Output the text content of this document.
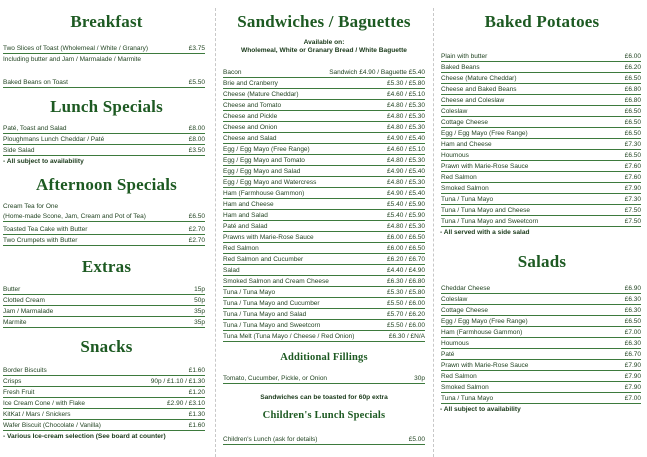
Breakfast
Two Slices of Toast (Wholemeal / White / Granary)	£3.75
Including butter and Jam / Marmalade / Marmite
Baked Beans on Toast	£5.50
Lunch Specials
Paté, Toast and Salad	£8.00
Ploughmans Lunch Cheddar / Paté	£8.00
Side Salad	£3.50
- All subject to availability
Afternoon Specials
Cream Tea for One
(Home-made Scone, Jam, Cream and Pot of Tea)	£6.50
Toasted Tea Cake with Butter	£2.70
Two Crumpets with Butter	£2.70
Extras
Butter	15p
Clotted Cream	50p
Jam / Marmalade	35p
Marmite	35p
Snacks
Border Biscuits	£1.60
Crisps	90p / £1.10 / £1.30
Fresh Fruit	£1.20
Ice Cream Cone / with Flake	£2.90 / £3.10
KitKat / Mars / Snickers	£1.30
Wafer Biscuit (Chocolate / Vanilla)	£1.60
- Various Ice-cream selection (See board at counter)
Sandwiches / Baguettes
Available on:
Wholemeal, White or Granary Bread / White Baguette
Bacon	Sandwich £4.90 / Baguette £5.40
Brie and Cranberry	£5.30 / £5.80
Cheese (Mature Cheddar)	£4.60 / £5.10
Cheese and Tomato	£4.80 / £5.30
Cheese and Pickle	£4.80 / £5.30
Cheese and Onion	£4.80 / £5.30
Cheese and Salad	£4.90 / £5.40
Egg / Egg Mayo (Free Range)	£4.60 / £5.10
Egg / Egg Mayo and Tomato	£4.80 / £5.30
Egg / Egg Mayo and Salad	£4.90 / £5.40
Egg / Egg Mayo and Watercress	£4.80 / £5.30
Ham (Farmhouse Gammon)	£4.90 / £5.40
Ham and Cheese	£5.40 / £5.90
Ham and Salad	£5.40 / £5.90
Paté and Salad	£4.80 / £5.30
Prawns with Marie-Rose Sauce	£6.00 / £6.50
Red Salmon	£6.00 / £6.50
Red Salmon and Cucumber	£6.20 / £6.70
Salad	£4.40 / £4.90
Smoked Salmon and Cream Cheese	£6.30 / £6.80
Tuna / Tuna Mayo	£5.30 / £5.80
Tuna / Tuna Mayo and Cucumber	£5.50 / £6.00
Tuna / Tuna Mayo and Salad	£5.70 / £6.20
Tuna / Tuna Mayo and Sweetcorn	£5.50 / £6.00
Tuna Melt (Tuna Mayo / Cheese / Red Onion)	£6.30 / £N/A
Additional Fillings
Tomato, Cucumber, Pickle, or Onion	30p
Sandwiches can be toasted for 60p extra
Children's Lunch Specials
Children's Lunch (ask for details)	£5.00
Baked Potatoes
Plain with butter	£6.00
Baked Beans	£6.20
Cheese (Mature Cheddar)	£6.50
Cheese and Baked Beans	£6.80
Cheese and Coleslaw	£6.80
Coleslaw	£6.50
Cottage Cheese	£6.50
Egg / Egg Mayo (Free Range)	£6.50
Ham and Cheese	£7.30
Houmous	£6.50
Prawn with Marie-Rose Sauce	£7.60
Red Salmon	£7.60
Smoked Salmon	£7.90
Tuna / Tuna Mayo	£7.30
Tuna / Tuna Mayo and Cheese	£7.50
Tuna / Tuna Mayo and Sweetcorn	£7.50
- All served with a side salad
Salads
Cheddar Cheese	£6.90
Coleslaw	£6.30
Cottage Cheese	£6.30
Egg / Egg Mayo (Free Range)	£6.50
Ham (Farmhouse Gammon)	£7.00
Houmous	£6.30
Paté	£6.70
Prawn with Marie-Rose Sauce	£7.90
Red Salmon	£7.90
Smoked Salmon	£7.90
Tuna / Tuna Mayo	£7.00
- All subject to availability
